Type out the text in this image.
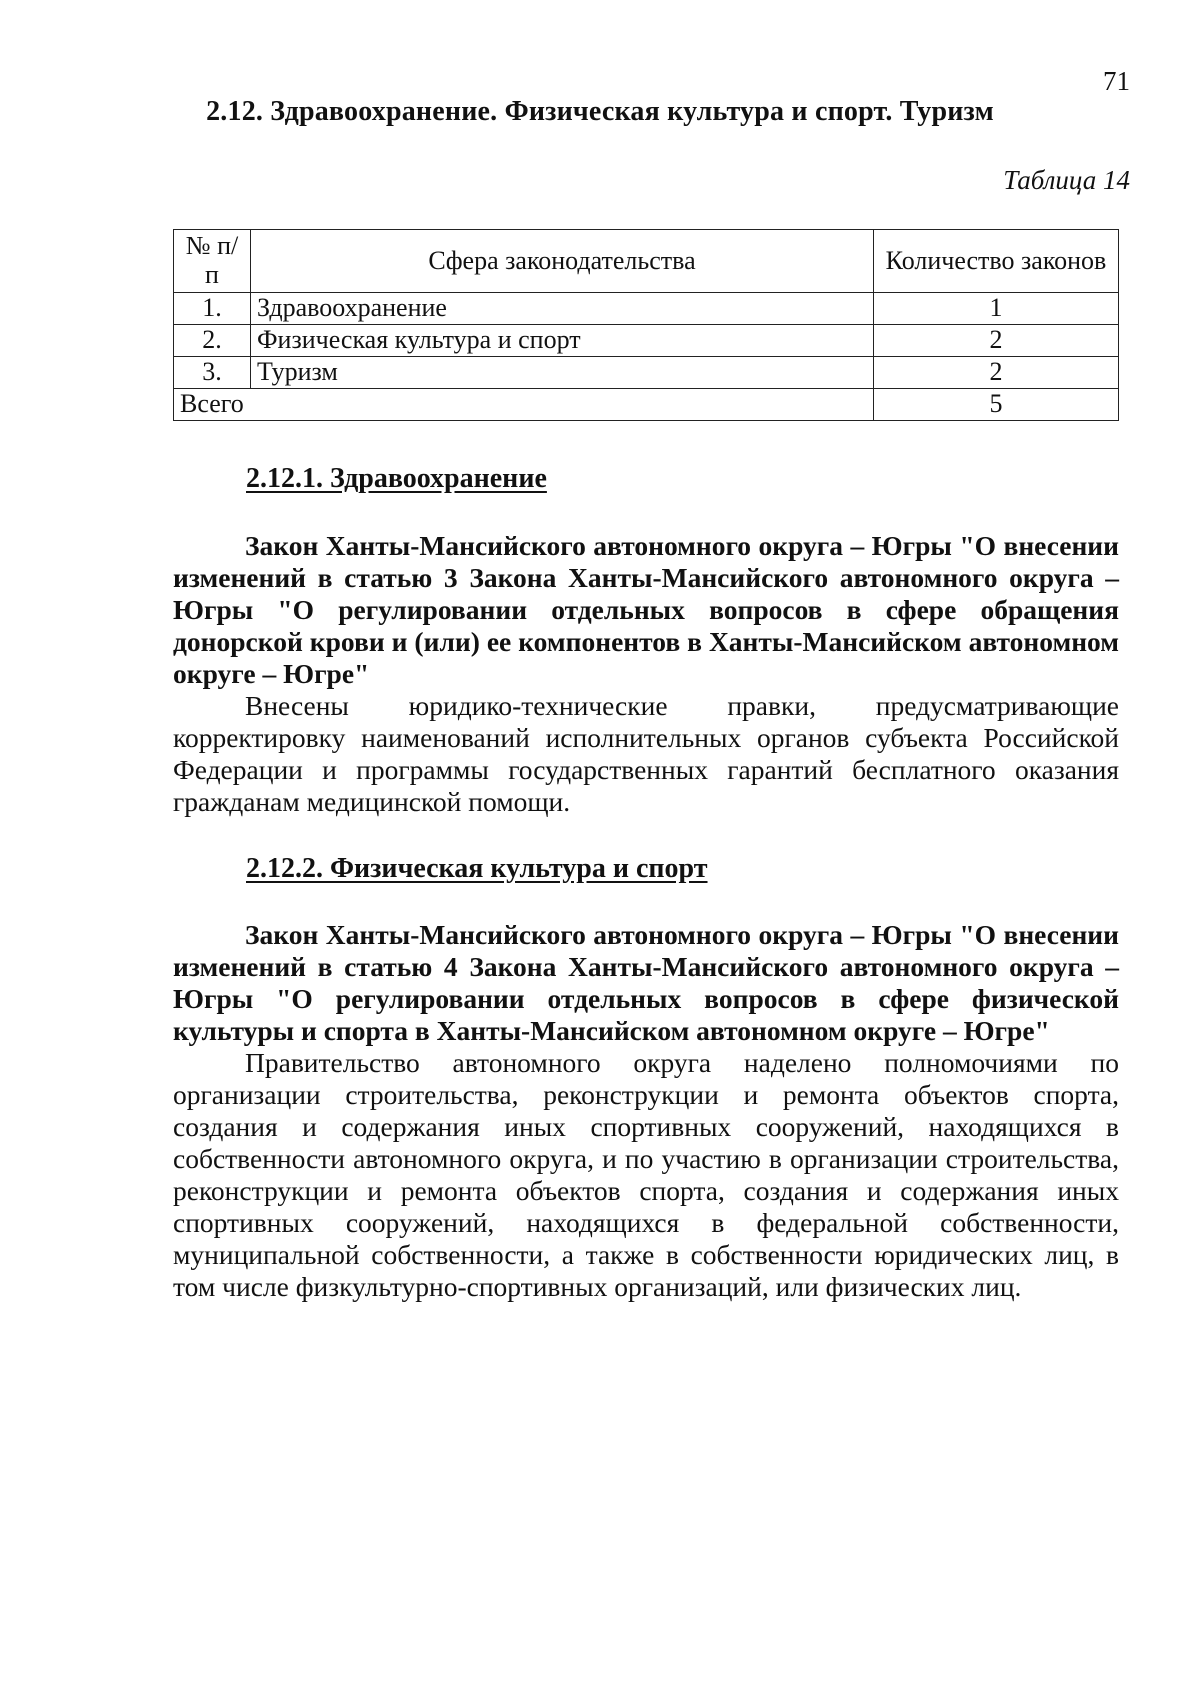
71
2.12. Здравоохранение. Физическая культура и спорт. Туризм
Таблица 14
№ п/п	Сфера законодательства	Количество законов
1.	Здравоохранение	1
2.	Физическая культура и спорт	2
3.	Туризм	2
Всего		5
2.12.1. Здравоохранение

Закон Ханты-Мансийского автономного округа – Югры "О внесении изменений в статью 3 Закона Ханты-Мансийского автономного округа – Югры "О регулировании отдельных вопросов в сфере обращения донорской крови и (или) ее компонентов в Ханты-Мансийском автономном округе – Югре"

Внесены юридико-технические правки, предусматривающие корректировку наименований исполнительных органов субъекта Российской Федерации и программы государственных гарантий бесплатного оказания гражданам медицинской помощи.

2.12.2. Физическая культура и спорт

Закон Ханты-Мансийского автономного округа – Югры "О внесении изменений в статью 4 Закона Ханты-Мансийского автономного округа – Югры "О регулировании отдельных вопросов в сфере физической культуры и спорта в Ханты-Мансийском автономном округе – Югре"

Правительство автономного округа наделено полномочиями по организации строительства, реконструкции и ремонта объектов спорта, создания и содержания иных спортивных сооружений, находящихся в собственности автономного округа, и по участию в организации строительства, реконструкции и ремонта объектов спорта, создания и содержания иных спортивных сооружений, находящихся в федеральной собственности, муниципальной собственности, а также в собственности юридических лиц, в том числе физкультурно-спортивных организаций, или физических лиц.
